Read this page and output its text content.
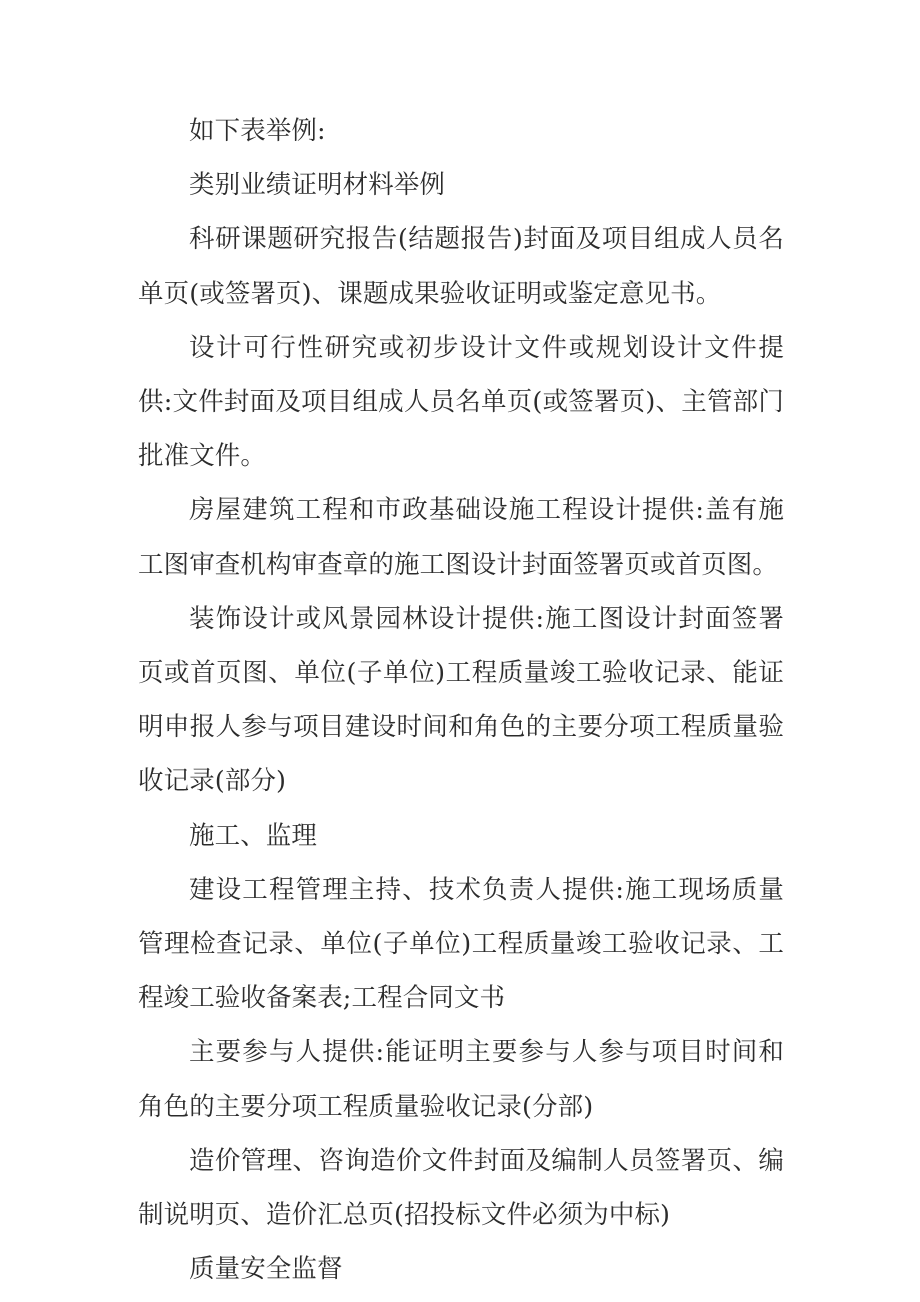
如下表举例:

类别业绩证明材料举例

科研课题研究报告(结题报告)封面及项目组成人员名单页(或签署页)、课题成果验收证明或鉴定意见书。

设计可行性研究或初步设计文件或规划设计文件提供:文件封面及项目组成人员名单页(或签署页)、主管部门批准文件。

房屋建筑工程和市政基础设施工程设计提供:盖有施工图审查机构审查章的施工图设计封面签署页或首页图。

装饰设计或风景园林设计提供:施工图设计封面签署页或首页图、单位(子单位)工程质量竣工验收记录、能证明申报人参与项目建设时间和角色的主要分项工程质量验收记录(部分)

施工、监理

建设工程管理主持、技术负责人提供:施工现场质量管理检查记录、单位(子单位)工程质量竣工验收记录、工程竣工验收备案表;工程合同文书

主要参与人提供:能证明主要参与人参与项目时间和角色的主要分项工程质量验收记录(分部)

造价管理、咨询造价文件封面及编制人员签署页、编制说明页、造价汇总页(招投标文件必须为中标)

质量安全监督
